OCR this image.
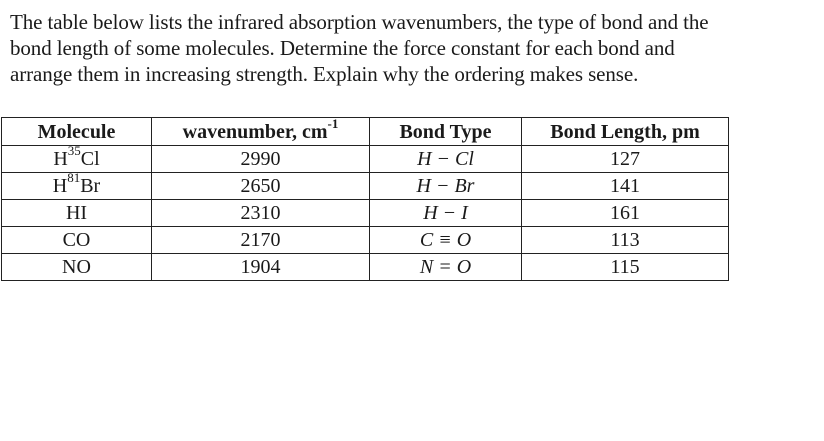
The table below lists the infrared absorption wavenumbers, the type of bond and the
bond length of some molecules. Determine the force constant for each bond and
arrange them in increasing strength. Explain why the ordering makes sense.
Molecule	wavenumber, $cm^{-1}$	Bond Type	Bond Length, pm
$H^{35}Cl$	2990	H − Cl	127
$H^{81}Br$	2650	H − Br	141
HI	2310	H − I	161
CO	2170	C ≡ O	113
NO	1904	N = O	115
